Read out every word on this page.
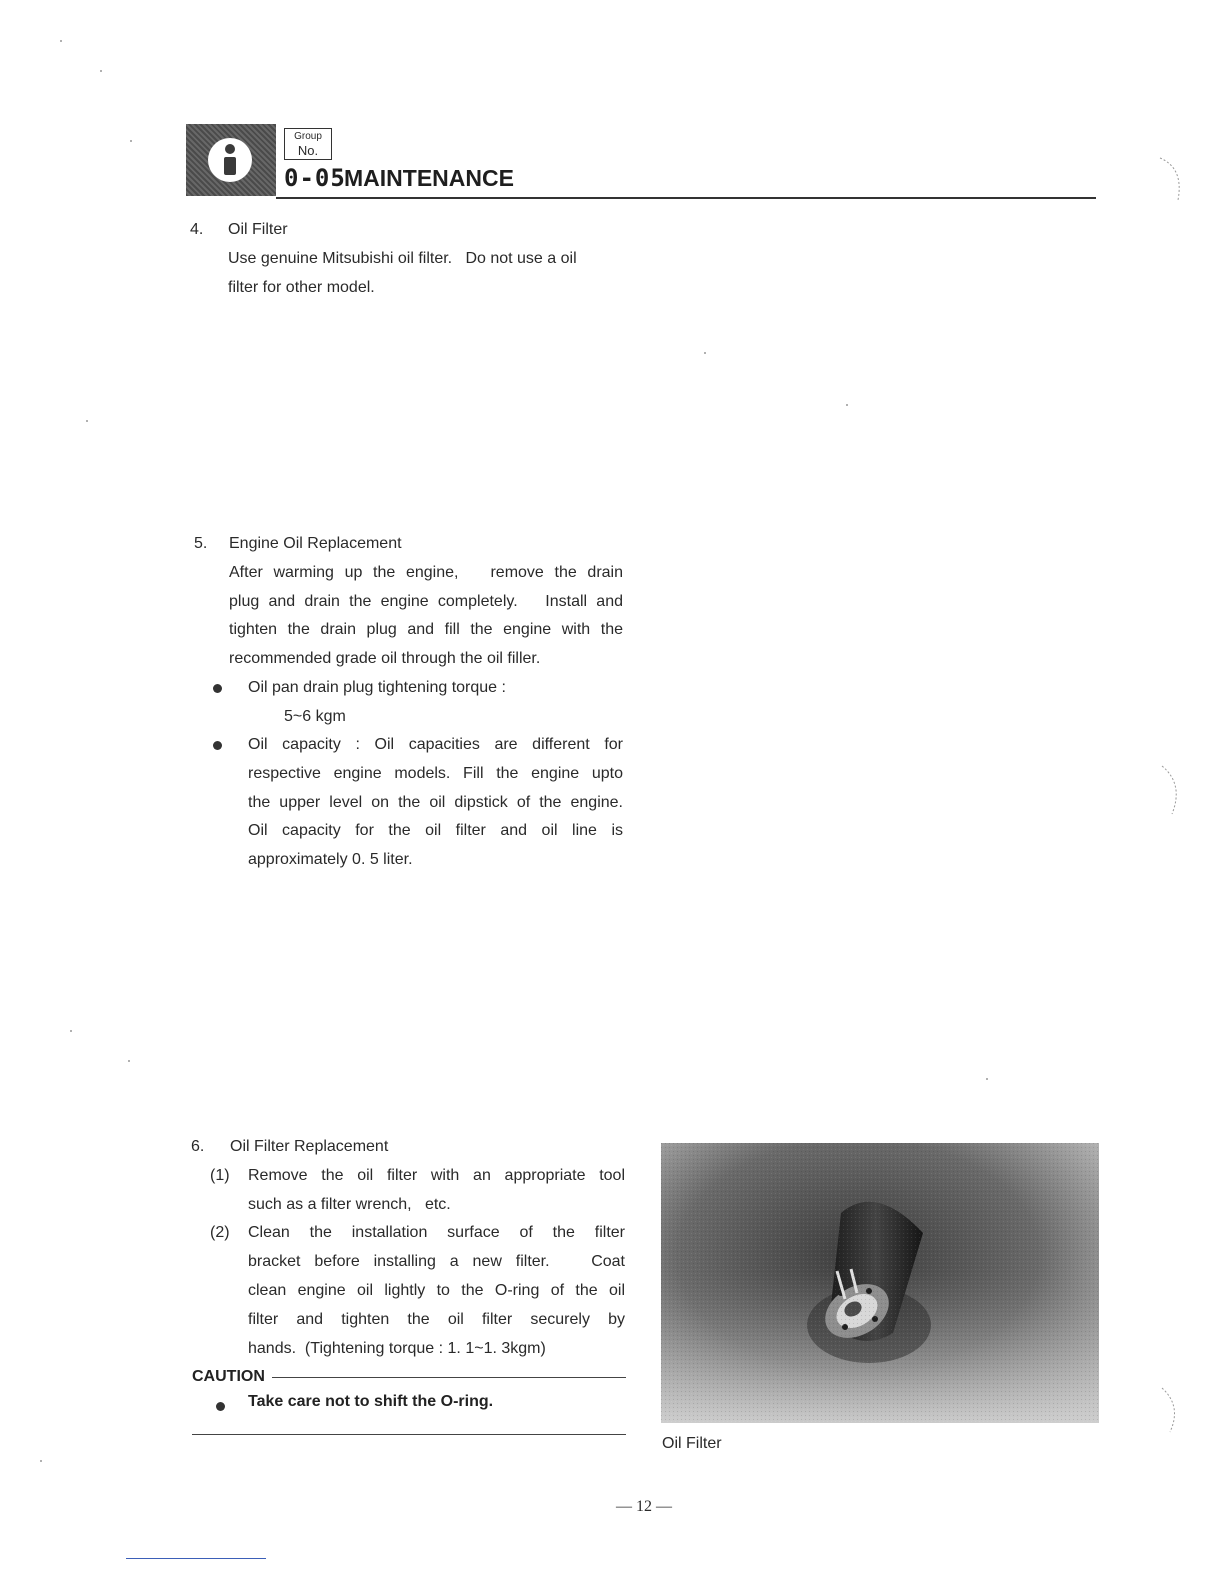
Group
No.
0-05
MAINTENANCE
4. Oil Filter
Use genuine Mitsubishi oil filter.   Do not use a oil
filter for other model.
5. Engine Oil Replacement
After warming up the engine,   remove the drain
plug and drain the engine completely.   Install and
tighten the drain plug and fill the engine with the
recommended grade oil through the oil filler.
Oil pan drain plug tightening torque :
5~6 kgm
Oil capacity : Oil capacities are different for
respective engine models. Fill the engine upto
the upper level on the oil dipstick of the engine.
Oil capacity for the oil filter and oil line is
approximately 0. 5 liter.
6. Oil Filter Replacement
(1) Remove the oil filter with an appropriate tool
such as a filter wrench,   etc.
(2) Clean the installation surface of the filter
bracket before installing a new filter.   Coat
clean engine oil lightly to the O-ring of the oil
filter and tighten the oil filter securely by
hands.  (Tightening torque : 1. 1~1. 3kgm)
CAUTION
Take care not to shift the O-ring.
Oil Filter
— 12 —
